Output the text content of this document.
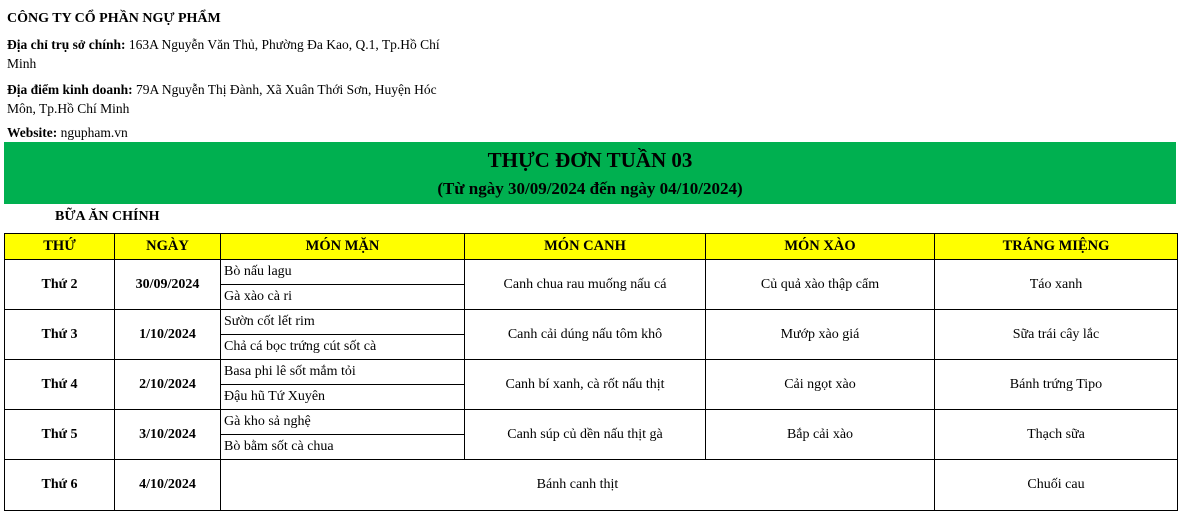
CÔNG TY CỔ PHẦN NGỰ PHẨM
Địa chỉ trụ sở chính: 163A Nguyễn Văn Thủ, Phường Đa Kao, Q.1, Tp.Hồ Chí Minh
Địa điểm kinh doanh: 79A Nguyễn Thị Đành, Xã Xuân Thới Sơn, Huyện Hóc Môn, Tp.Hồ Chí Minh
Website: ngupham.vn
THỰC ĐƠN TUẦN 03
(Từ ngày 30/09/2024 đến ngày 04/10/2024)
BỮA ĂN CHÍNH
THỨ	NGÀY	MÓN MẶN	MÓN CANH	MÓN XÀO	TRÁNG MIỆNG
Thứ 2	30/09/2024	Bò nấu lagu	Canh chua rau muống nấu cá	Củ quả xào thập cẩm	Táo xanh
		Gà xào cà ri			
Thứ 3	1/10/2024	Sườn cốt lết rim	Canh cải dúng nấu tôm khô	Mướp xào giá	Sữa trái cây lắc
		Chả cá bọc trứng cút sốt cà			
Thứ 4	2/10/2024	Basa phi lê sốt mắm tỏi	Canh bí xanh, cà rốt nấu thịt	Cải ngọt xào	Bánh trứng Tipo
		Đậu hũ Tứ Xuyên			
Thứ 5	3/10/2024	Gà kho sả nghệ	Canh súp củ dền nấu thịt gà	Bắp cải xào	Thạch sữa
		Bò bằm sốt cà chua			
Thứ 6	4/10/2024	Bánh canh thịt			Chuối cau
